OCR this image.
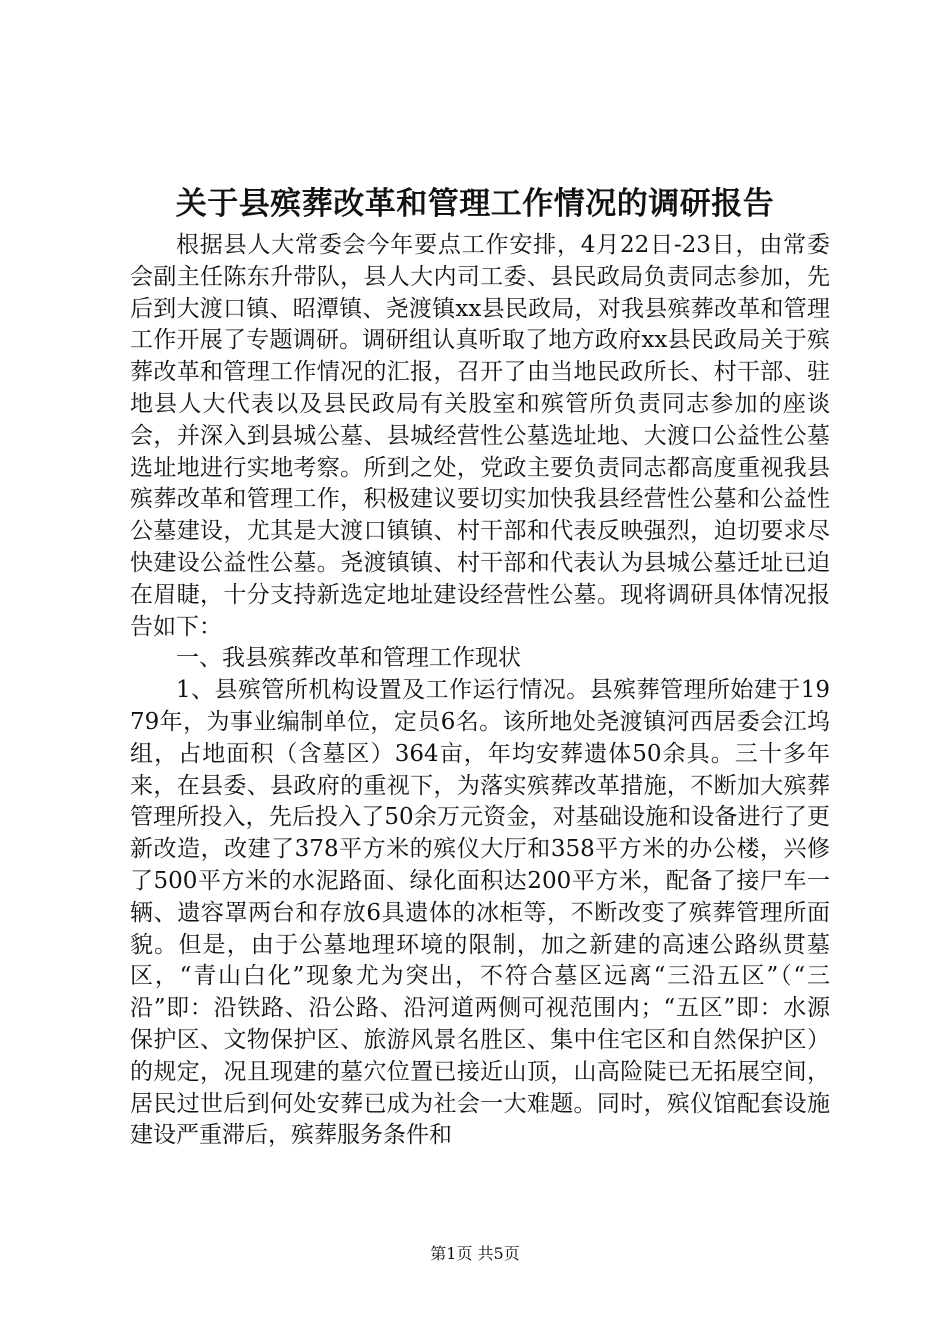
关于县殡葬改革和管理工作情况的调研报告

根据县人大常委会今年要点工作安排，4月22日-23日，由常委会副主任陈东升带队，县人大内司工委、县民政局负责同志参加，先后到大渡口镇、昭潭镇、尧渡镇xx县民政局，对我县殡葬改革和管理工作开展了专题调研。调研组认真听取了地方政府xx县民政局关于殡葬改革和管理工作情况的汇报，召开了由当地民政所长、村干部、驻地县人大代表以及县民政局有关股室和殡管所负责同志参加的座谈会，并深入到县城公墓、县城经营性公墓选址地、大渡口公益性公墓选址地进行实地考察。所到之处，党政主要负责同志都高度重视我县殡葬改革和管理工作，积极建议要切实加快我县经营性公墓和公益性公墓建设，尤其是大渡口镇镇、村干部和代表反映强烈，迫切要求尽快建设公益性公墓。尧渡镇镇、村干部和代表认为县城公墓迁址已迫在眉睫，十分支持新选定地址建设经营性公墓。现将调研具体情况报告如下：

一、我县殡葬改革和管理工作现状

1、县殡管所机构设置及工作运行情况。县殡葬管理所始建于1979年，为事业编制单位，定员6名。该所地处尧渡镇河西居委会江坞组，占地面积（含墓区）364亩，年均安葬遗体50余具。三十多年来，在县委、县政府的重视下，为落实殡葬改革措施，不断加大殡葬管理所投入，先后投入了50余万元资金，对基础设施和设备进行了更新改造，改建了378平方米的殡仪大厅和358平方米的办公楼，兴修了500平方米的水泥路面、绿化面积达200平方米，配备了接尸车一辆、遗容罩两台和存放6具遗体的冰柜等，不断改变了殡葬管理所面貌。但是，由于公墓地理环境的限制，加之新建的高速公路纵贯墓区，“青山白化”现象尤为突出，不符合墓区远离“三沿五区”（“三沿”即：沿铁路、沿公路、沿河道两侧可视范围内；“五区”即：水源保护区、文物保护区、旅游风景名胜区、集中住宅区和自然保护区）的规定，况且现建的墓穴位置已接近山顶，山高险陡已无拓展空间，居民过世后到何处安葬已成为社会一大难题。同时，殡仪馆配套设施建设严重滞后，殡葬服务条件和

第1页 共5页
